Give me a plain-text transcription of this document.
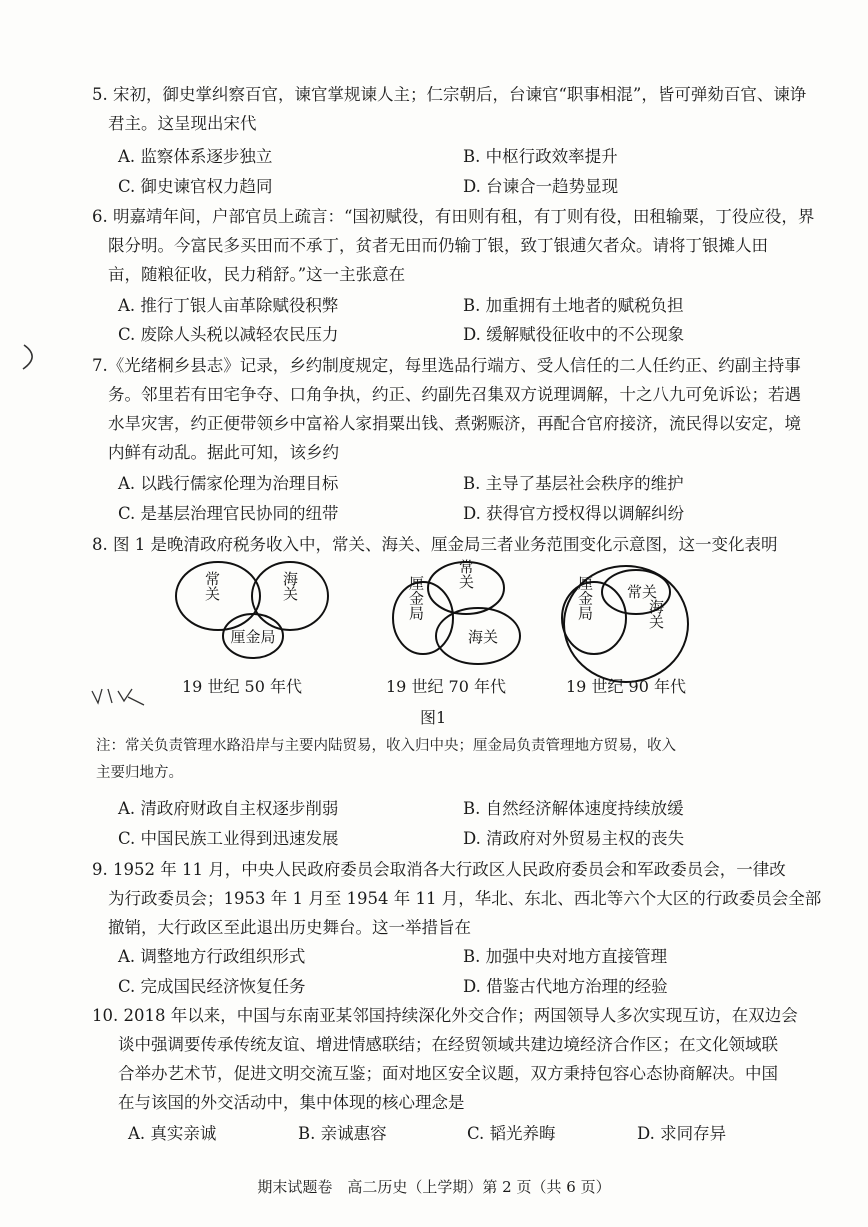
5. 宋初，御史掌纠察百官，谏官掌规谏人主；仁宗朝后，台谏官“职事相混”，皆可弹劾百官、谏诤
君主。这呈现出宋代
A. 监察体系逐步独立	B. 中枢行政效率提升
C. 御史谏官权力趋同	D. 台谏合一趋势显现
6. 明嘉靖年间，户部官员上疏言：“国初赋役，有田则有租，有丁则有役，田租输粟，丁役应役，界
限分明。今富民多买田而不承丁，贫者无田而仍输丁银，致丁银逋欠者众。请将丁银摊人田
亩，随粮征收，民力稍舒。”这一主张意在
A. 推行丁银人亩革除赋役积弊	B. 加重拥有土地者的赋税负担
C. 废除人头税以减轻农民压力	D. 缓解赋役征收中的不公现象
7.《光绪桐乡县志》记录，乡约制度规定，每里选品行端方、受人信任的二人任约正、约副主持事
务。邻里若有田宅争夺、口角争执，约正、约副先召集双方说理调解，十之八九可免诉讼；若遇
水旱灾害，约正便带领乡中富裕人家捐粟出钱、煮粥赈济，再配合官府接济，流民得以安定，境
内鲜有动乱。据此可知，该乡约
A. 以践行儒家伦理为治理目标	B. 主导了基层社会秩序的维护
C. 是基层治理官民协同的纽带	D. 获得官方授权得以调解纠纷
8. 图 1 是晚清政府税务收入中，常关、海关、厘金局三者业务范围变化示意图，这一变化表明
常关	海关
厘金局
常关
厘金局
海关
常关
厘金局	海关
19 世纪 50 年代	19 世纪 70 年代	19 世纪 90 年代
图1
注：常关负责管理水路沿岸与主要内陆贸易，收入归中央；厘金局负责管理地方贸易，收入
主要归地方。
A. 清政府财政自主权逐步削弱	B. 自然经济解体速度持续放缓
C. 中国民族工业得到迅速发展	D. 清政府对外贸易主权的丧失
9. 1952 年 11 月，中央人民政府委员会取消各大行政区人民政府委员会和军政委员会，一律改
为行政委员会；1953 年 1 月至 1954 年 11 月，华北、东北、西北等六个大区的行政委员会全部
撤销，大行政区至此退出历史舞台。这一举措旨在
A. 调整地方行政组织形式	B. 加强中央对地方直接管理
C. 完成国民经济恢复任务	D. 借鉴古代地方治理的经验
10. 2018 年以来，中国与东南亚某邻国持续深化外交合作；两国领导人多次实现互访，在双边会
谈中强调要传承传统友谊、增进情感联结；在经贸领域共建边境经济合作区；在文化领域联
合举办艺术节，促进文明交流互鉴；面对地区安全议题，双方秉持包容心态协商解决。中国
在与该国的外交活动中，集中体现的核心理念是
A. 真实亲诚	B. 亲诚惠容	C. 韬光养晦	D. 求同存异
期末试题卷　高二历史（上学期）第 2 页（共 6 页）
